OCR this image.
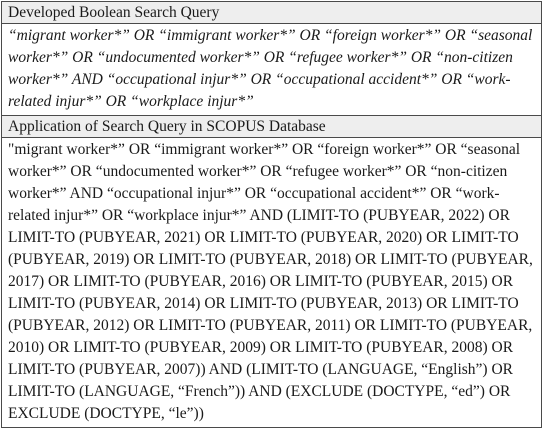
Developed Boolean Search Query

“migrant worker*” OR “immigrant worker*” OR “foreign worker*” OR “seasonal worker*” OR “undocumented worker*” OR “refugee worker*” OR “non-citizen worker*” AND “occupational injur*” OR “occupational accident*” OR “work-related injur*” OR “workplace injur*”

Application of Search Query in SCOPUS Database

"migrant worker*” OR “immigrant worker*” OR “foreign worker*” OR “seasonal worker*” OR “undocumented worker*” OR “refugee worker*” OR “non-citizen worker*” AND “occupational injur*” OR “occupational accident*” OR “work-related injur*” OR “workplace injur*” AND (LIMIT-TO (PUBYEAR, 2022) OR LIMIT-TO (PUBYEAR, 2021) OR LIMIT-TO (PUBYEAR, 2020) OR LIMIT-TO (PUBYEAR, 2019) OR LIMIT-TO (PUBYEAR, 2018) OR LIMIT-TO (PUBYEAR, 2017) OR LIMIT-TO (PUBYEAR, 2016) OR LIMIT-TO (PUBYEAR, 2015) OR LIMIT-TO (PUBYEAR, 2014) OR LIMIT-TO (PUBYEAR, 2013) OR LIMIT-TO (PUBYEAR, 2012) OR LIMIT-TO (PUBYEAR, 2011) OR LIMIT-TO (PUBYEAR, 2010) OR LIMIT-TO (PUBYEAR, 2009) OR LIMIT-TO (PUBYEAR, 2008) OR LIMIT-TO (PUBYEAR, 2007)) AND (LIMIT-TO (LANGUAGE, “English”) OR LIMIT-TO (LANGUAGE, “French”)) AND (EXCLUDE (DOCTYPE, “ed”) OR EXCLUDE (DOCTYPE, “le”))
